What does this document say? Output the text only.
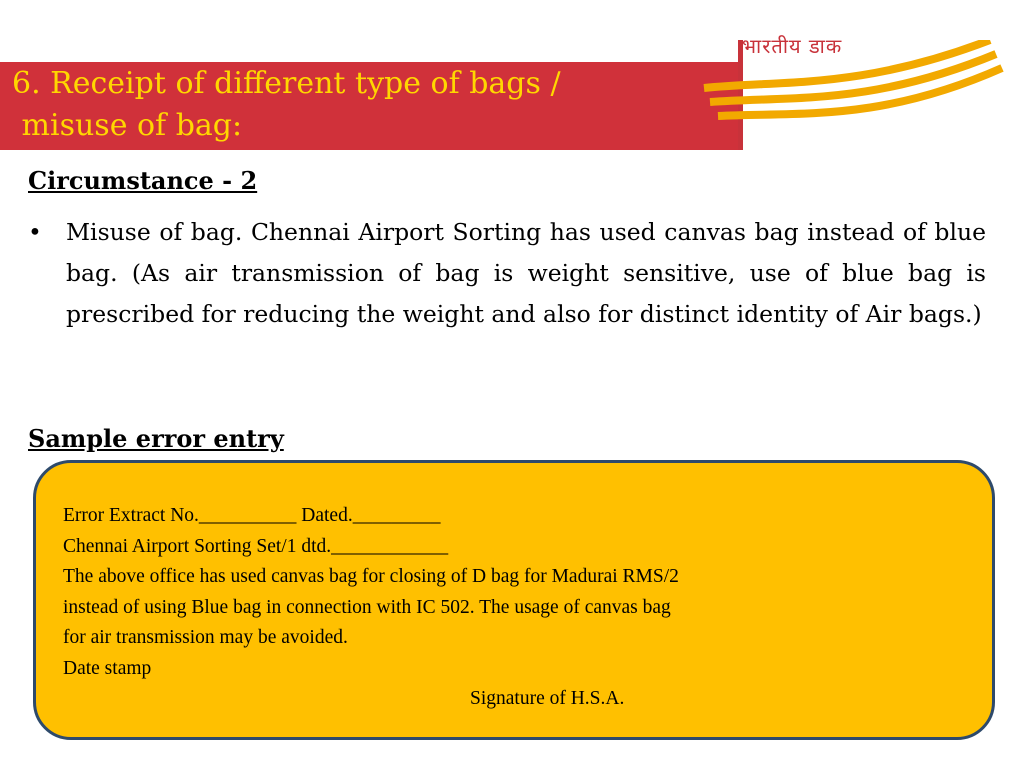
भारतीय डाक
6. Receipt of different type of bags /
misuse of bag:
Circumstance - 2
• Misuse of bag. Chennai Airport Sorting has used canvas bag instead of blue bag. (As air transmission of bag is weight sensitive, use of blue bag is prescribed for reducing the weight and also for distinct identity of Air bags.)
Sample error entry
Error Extract No.__________ Dated._________
Chennai Airport Sorting Set/1 dtd.____________
The above office has used canvas bag for closing of D bag for Madurai RMS/2
instead of using Blue bag in connection with IC 502. The usage of canvas bag
for air transmission may be avoided.
Date stamp
Signature of H.S.A.
